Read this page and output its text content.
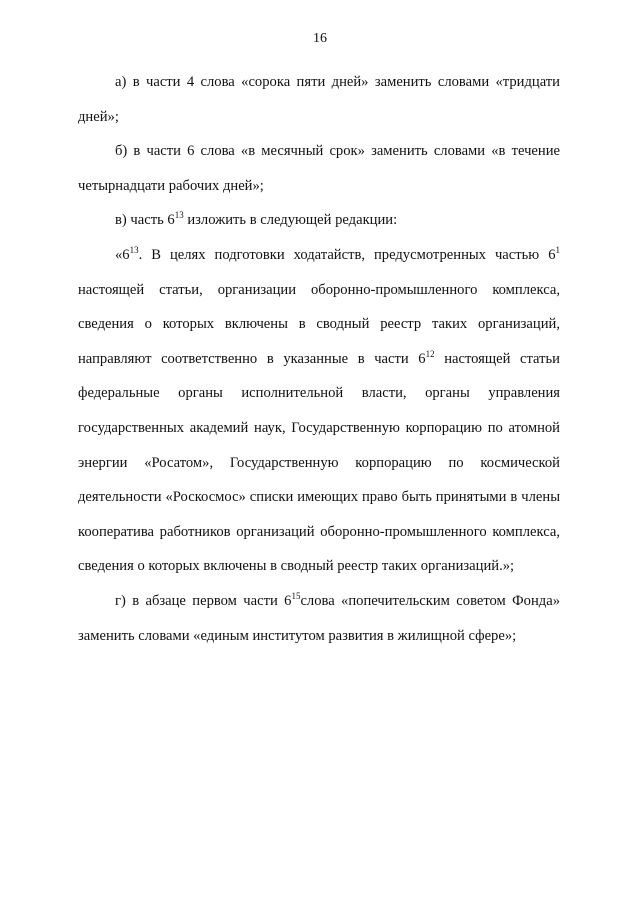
16

а) в части 4 слова «сорока пяти дней» заменить словами «тридцати дней»;

б) в части 6 слова «в месячный срок» заменить словами «в течение четырнадцати рабочих дней»;

в) часть $6^{13}$ изложить в следующей редакции:

«$6^{13}$. В целях подготовки ходатайств, предусмотренных частью $6^1$ настоящей статьи, организации оборонно-промышленного комплекса, сведения о которых включены в сводный реестр таких организаций, направляют соответственно в указанные в части $6^{12}$ настоящей статьи федеральные органы исполнительной власти, органы управления государственных академий наук, Государственную корпорацию по атомной энергии «Росатом», Государственную корпорацию по космической деятельности «Роскосмос» списки имеющих право быть принятыми в члены кооператива работников организаций оборонно-промышленного комплекса, сведения о которых включены в сводный реестр таких организаций.»;

г) в абзаце первом части $6^{15}слова$ «попечительским советом Фонда» заменить словами «единым институтом развития в жилищной сфере»;
